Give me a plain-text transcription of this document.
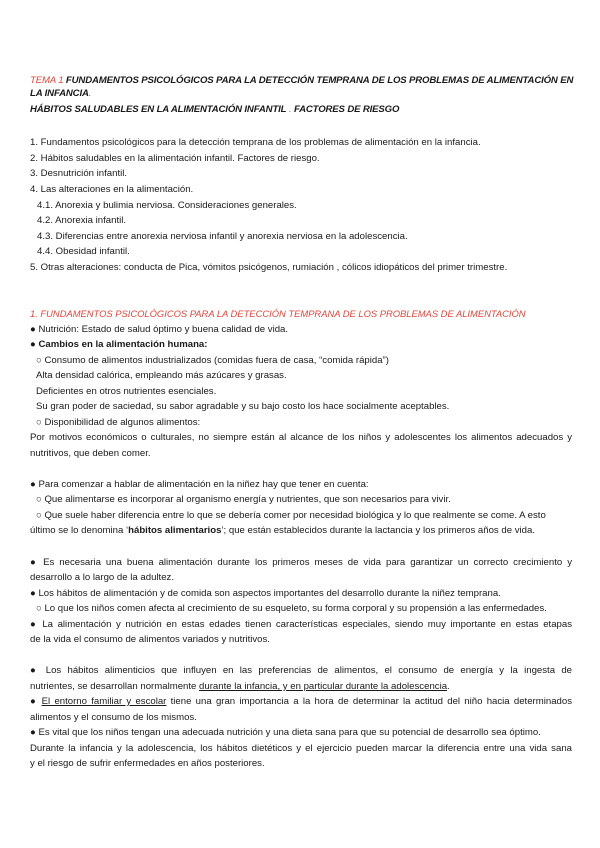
TEMA 1 FUNDAMENTOS PSICOLÓGICOS PARA LA DETECCIÓN TEMPRANA DE LOS PROBLEMAS DE ALIMENTACIÓN EN
LA INFANCIA.
HÁBITOS SALUDABLES EN LA ALIMENTACIÓN INFANTIL . FACTORES DE RIESGO
1. Fundamentos psicológicos para la detección temprana de los problemas de alimentación en la infancia.
2. Hábitos saludables en la alimentación infantil. Factores de riesgo.
3. Desnutrición infantil.
4. Las alteraciones en la alimentación.
4.1. Anorexia y bulimia nerviosa. Consideraciones generales.
4.2. Anorexia infantil.
4.3. Diferencias entre anorexia nerviosa infantil y anorexia nerviosa en la adolescencia.
4.4. Obesidad infantil.
5. Otras alteraciones: conducta de Pica, vómitos psicógenos, rumiación , cólicos idiopáticos del primer trimestre.
1. FUNDAMENTOS PSICOLÓGICOS PARA LA DETECCIÓN TEMPRANA DE LOS PROBLEMAS DE ALIMENTACIÓN
● Nutrición: Estado de salud óptimo y buena calidad de vida.
● Cambios en la alimentación humana:
○ Consumo de alimentos industrializados (comidas fuera de casa, “comida rápida”)
Alta densidad calórica, empleando más azúcares y grasas.
Deficientes en otros nutrientes esenciales.
Su gran poder de saciedad, su sabor agradable y su bajo costo los hace socialmente aceptables.
○ Disponibilidad de algunos alimentos:
Por motivos económicos o culturales, no siempre están al alcance de los niños y adolescentes los alimentos adecuados y
nutritivos, que deben comer.
● Para comenzar a hablar de alimentación en la niñez hay que tener en cuenta:
○ Que alimentarse es incorporar al organismo energía y nutrientes, que son necesarios para vivir.
○ Que suele haber diferencia entre lo que se debería comer por necesidad biológica y lo que realmente se come. A esto
último se lo denomina ‘hábitos alimentarios’; que están establecidos durante la lactancia y los primeros años de vida.
● Es necesaria una buena alimentación durante los primeros meses de vida para garantizar un correcto crecimiento y
desarrollo a lo largo de la adultez.
● Los hábitos de alimentación y de comida son aspectos importantes del desarrollo durante la niñez temprana.
○ Lo que los niños comen afecta al crecimiento de su esqueleto, su forma corporal y su propensión a las enfermedades.
● La alimentación y nutrición en estas edades tienen características especiales, siendo muy importante en estas etapas
de la vida el consumo de alimentos variados y nutritivos.
● Los hábitos alimenticios que influyen en las preferencias de alimentos, el consumo de energía y la ingesta de
nutrientes, se desarrollan normalmente durante la infancia, y en particular durante la adolescencia.
● El entorno familiar y escolar tiene una gran importancia a la hora de determinar la actitud del niño hacia determinados
alimentos y el consumo de los mismos.
● Es vital que los niños tengan una adecuada nutrición y una dieta sana para que su potencial de desarrollo sea óptimo.
Durante la infancia y la adolescencia, los hábitos dietéticos y el ejercicio pueden marcar la diferencia entre una vida sana
y el riesgo de sufrir enfermedades en años posteriores.
